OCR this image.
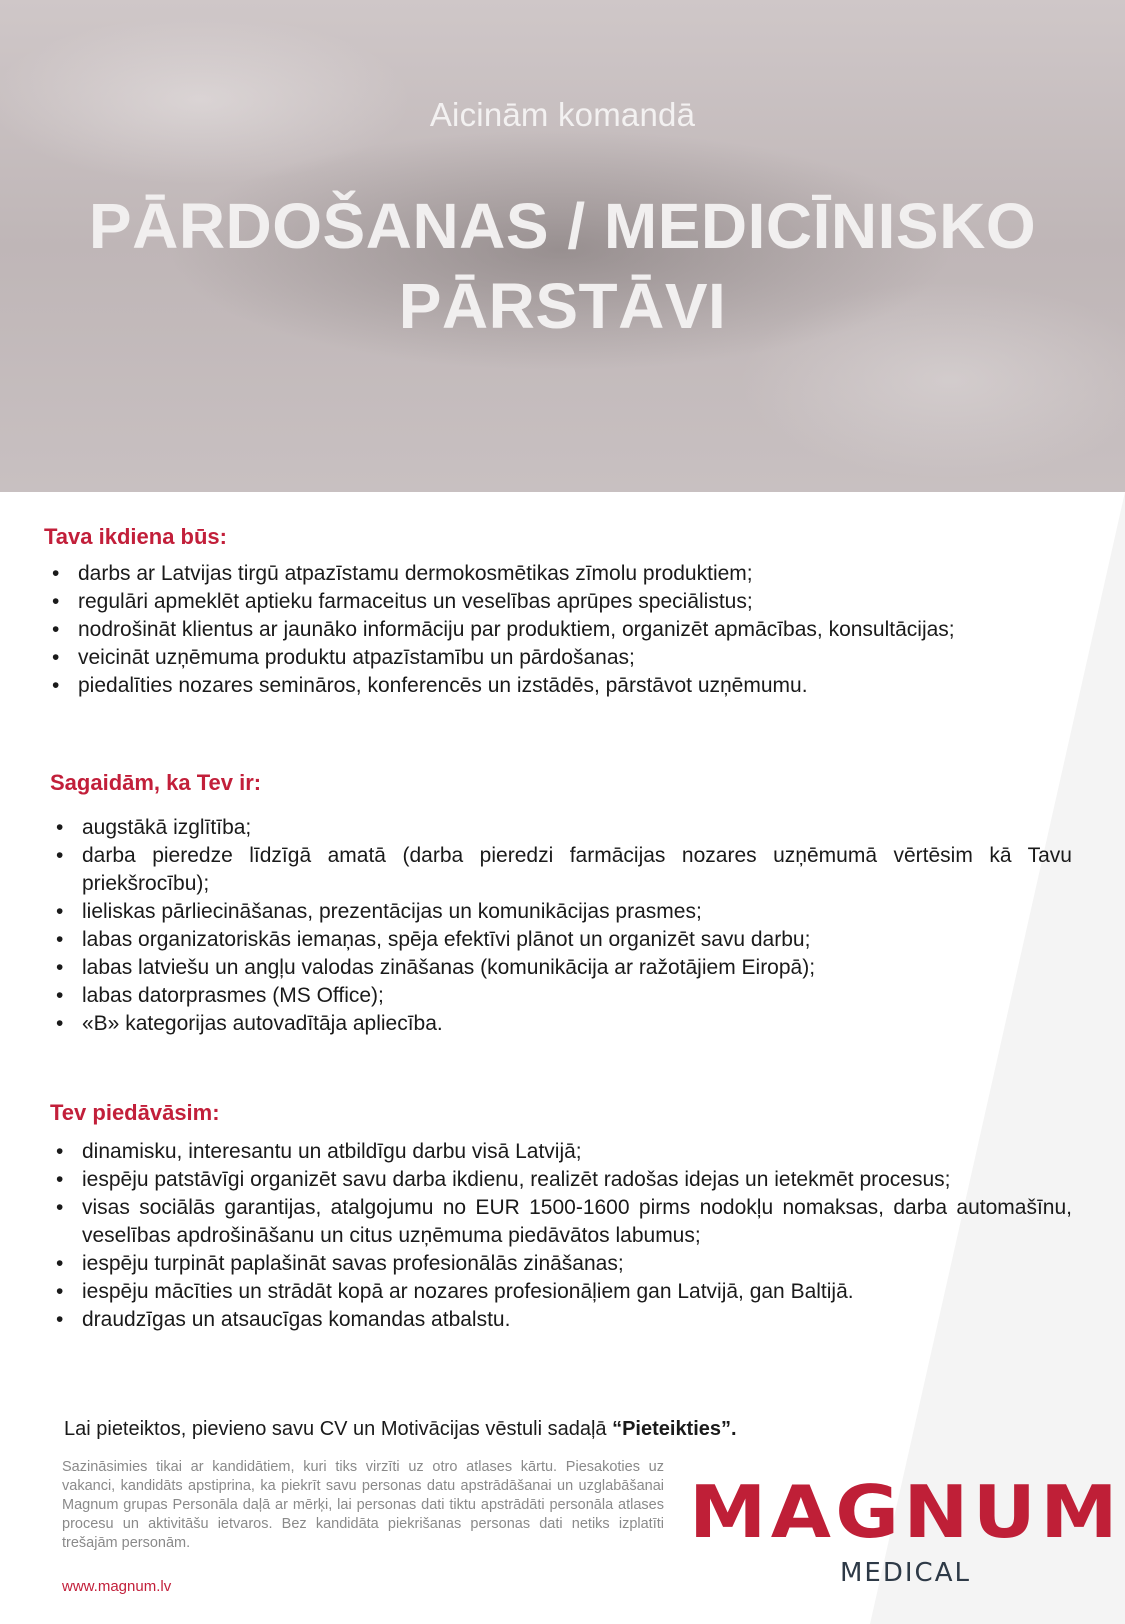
Aicinām komandā
PĀRDOŠANAS / MEDICĪNISKO
PĀRSTĀVI
Tava ikdiena būs:
• darbs ar Latvijas tirgū atpazīstamu dermokosmētikas zīmolu produktiem;
• regulāri apmeklēt aptieku farmaceitus un veselības aprūpes speciālistus;
• nodrošināt klientus ar jaunāko informāciju par produktiem, organizēt apmācības, konsultācijas;
• veicināt uzņēmuma produktu atpazīstamību un pārdošanas;
• piedalīties nozares semināros, konferencēs un izstādēs, pārstāvot uzņēmumu.
Sagaidām, ka Tev ir:
• augstākā izglītība;
• darba pieredze līdzīgā amatā (darba pieredzi farmācijas nozares uzņēmumā vērtēsim kā Tavu priekšrocību);
• lieliskas pārliecināšanas, prezentācijas un komunikācijas prasmes;
• labas organizatoriskās iemaņas, spēja efektīvi plānot un organizēt savu darbu;
• labas latviešu un angļu valodas zināšanas (komunikācija ar ražotājiem Eiropā);
• labas datorprasmes (MS Office);
• «B» kategorijas autovadītāja apliecība.
Tev piedāvāsim:
• dinamisku, interesantu un atbildīgu darbu visā Latvijā;
• iespēju patstāvīgi organizēt savu darba ikdienu, realizēt radošas idejas un ietekmēt procesus;
• visas sociālās garantijas, atalgojumu no EUR 1500-1600 pirms nodokļu nomaksas, darba automašīnu, veselības apdrošināšanu un citus uzņēmuma piedāvātos labumus;
• iespēju turpināt paplašināt savas profesionālās zināšanas;
• iespēju mācīties un strādāt kopā ar nozares profesionāļiem gan Latvijā, gan Baltijā.
• draudzīgas un atsaucīgas komandas atbalstu.
Lai pieteiktos, pievieno savu CV un Motivācijas vēstuli sadaļā “Pieteikties”.
Sazināsimies tikai ar kandidātiem, kuri tiks virzīti uz otro atlases kārtu. Piesakoties uz vakanci, kandidāts apstiprina, ka piekrīt savu personas datu apstrādāšanai un uzglabāšanai Magnum grupas Personāla daļā ar mērķi, lai personas dati tiktu apstrādāti personāla atlases procesu un aktivitāšu ietvaros. Bez kandidāta piekrišanas personas dati netiks izplatīti trešajām personām.
www.magnum.lv
MAGNUM
MEDICAL
